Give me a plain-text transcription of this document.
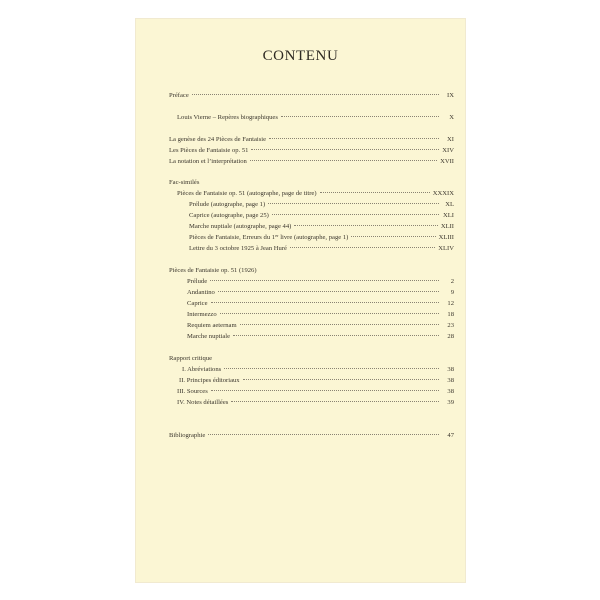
CONTENU
Préface	IX
Louis Vierne – Repères biographiques	X
La genèse des 24 Pièces de Fantaisie	XI
Les Pièces de Fantaisie op. 51	XIV
La notation et l’interprétation	XVII
Fac-similés
Pièces de Fantaisie op. 51 (autographe, page de titre)	XXXIX
Prélude (autographe, page 1)	XL
Caprice (autographe, page 25)	XLI
Marche nuptiale (autographe, page 44)	XLII
Pièces de Fantaisie, Erreurs du 1er livre (autographe, page 1)	XLIII
Lettre du 3 octobre 1925 à Jean Huré	XLIV
Pièces de Fantaisie op. 51 (1926)
Prélude	2
Andantino	9
Caprice	12
Intermezzo	18
Requiem aeternam	23
Marche nuptiale	28
Rapport critique
I. Abréviations	38
II. Principes éditoriaux	38
III. Sources	38
IV. Notes détaillées	39
Bibliographie	47
